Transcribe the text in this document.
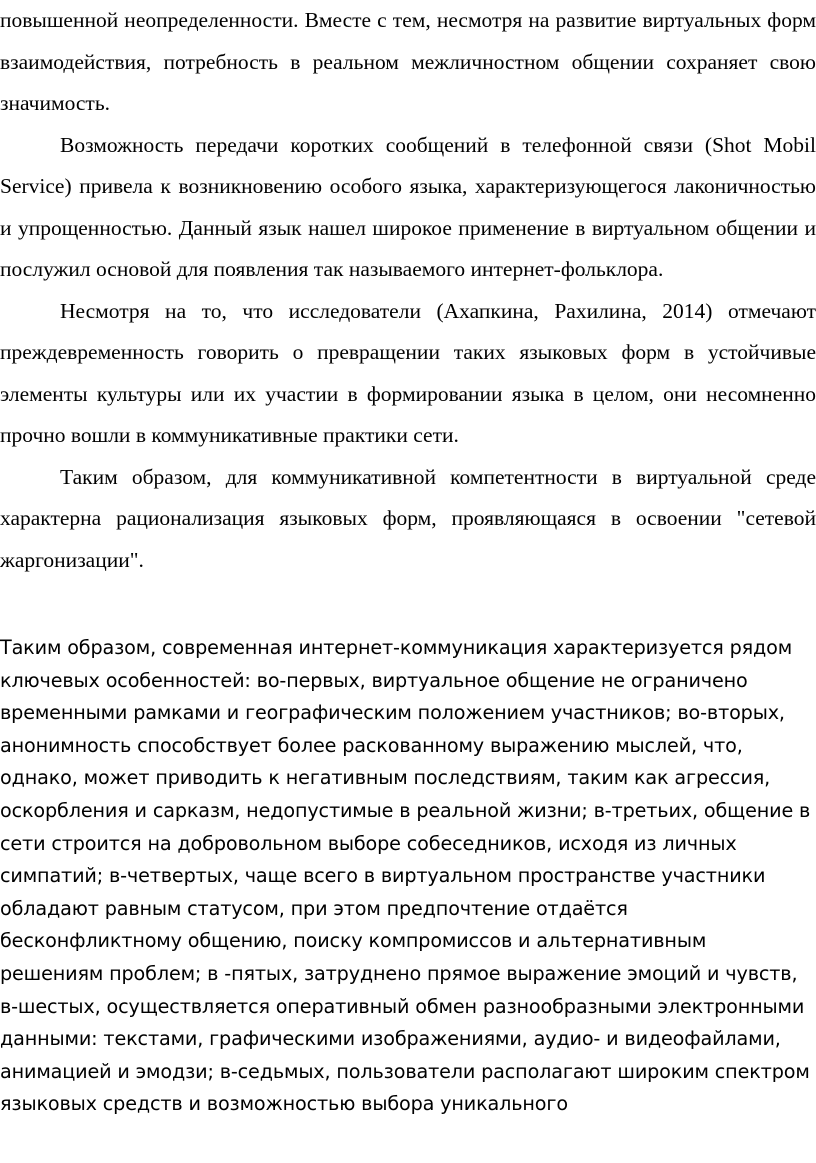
повышенной неопределенности. Вместе с тем, несмотря на развитие виртуальных форм взаимодействия, потребность в реальном межличностном общении сохраняет свою значимость.

Возможность передачи коротких сообщений в телефонной связи (Shot Mobil Service) привела к возникновению особого языка, характеризующегося лаконичностью и упрощенностью. Данный язык нашел широкое применение в виртуальном общении и послужил основой для появления так называемого интернет-фольклора.

Несмотря на то, что исследователи (Ахапкина, Рахилина, 2014) отмечают преждевременность говорить о превращении таких языковых форм в устойчивые элементы культуры или их участии в формировании языка в целом, они несомненно прочно вошли в коммуникативные практики сети.

Таким образом, для коммуникативной компетентности в виртуальной среде характерна рационализация языковых форм, проявляющаяся в освоении "сетевой жаргонизации".

Таким образом, современная интернет-коммуникация характеризуется рядом ключевых особенностей: во-первых, виртуальное общение не ограничено временными рамками и географическим положением участников; во-вторых, анонимность способствует более раскованному выражению мыслей, что, однако, может приводить к негативным последствиям, таким как агрессия, оскорбления и сарказм, недопустимые в реальной жизни; в-третьих, общение в сети строится на добровольном выборе собеседников, исходя из личных симпатий; в-четвертых, чаще всего в виртуальном пространстве участники обладают равным статусом, при этом предпочтение отдаётся бесконфликтному общению, поиску компромиссов и альтернативным решениям проблем; в -пятых, затруднено прямое выражение эмоций и чувств, в-шестых, осуществляется оперативный обмен разнообразными электронными данными: текстами, графическими изображениями, аудио- и видеофайлами, анимацией и эмодзи; в-седьмых, пользователи располагают широким спектром языковых средств и возможностью выбора уникального
